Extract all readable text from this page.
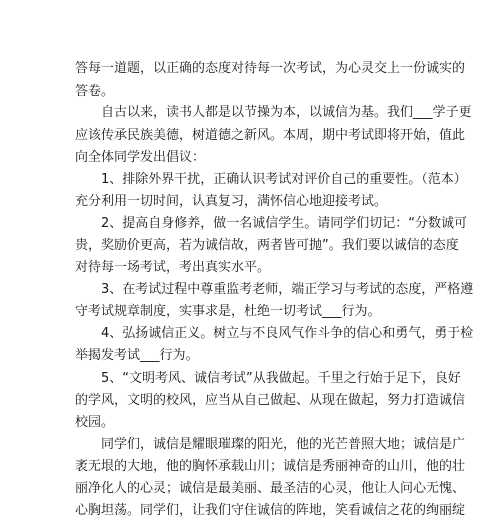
答每一道题，以正确的态度对待每一次考试，为心灵交上一份诚实的
答卷。
自古以来，读书人都是以节操为本，以诚信为基。我们___学子更
应该传承民族美德，树道德之新风。本周，期中考试即将开始，值此
向全体同学发出倡议：
1、排除外界干扰，正确认识考试对评价自己的重要性。（范本）
充分利用一切时间，认真复习，满怀信心地迎接考试。
2、提高自身修养，做一名诚信学生。请同学们切记：“分数诚可
贵，奖励价更高，若为诚信故，两者皆可抛”。我们要以诚信的态度
对待每一场考试，考出真实水平。
3、在考试过程中尊重监考老师，端正学习与考试的态度，严格遵
守考试规章制度，实事求是，杜绝一切考试___行为。
4、弘扬诚信正义。树立与不良风气作斗争的信心和勇气，勇于检
举揭发考试___行为。
5、“文明考风、诚信考试”从我做起。千里之行始于足下，良好
的学风，文明的校风，应当从自己做起、从现在做起，努力打造诚信
校园。
同学们，诚信是耀眼璀璨的阳光，他的光芒普照大地；诚信是广
袤无垠的大地，他的胸怀承载山川；诚信是秀丽神奇的山川，他的壮
丽净化人的心灵；诚信是最美丽、最圣洁的心灵，他让人问心无愧、
心胸坦荡。同学们，让我们守住诚信的阵地，笑看诚信之花的绚丽绽
